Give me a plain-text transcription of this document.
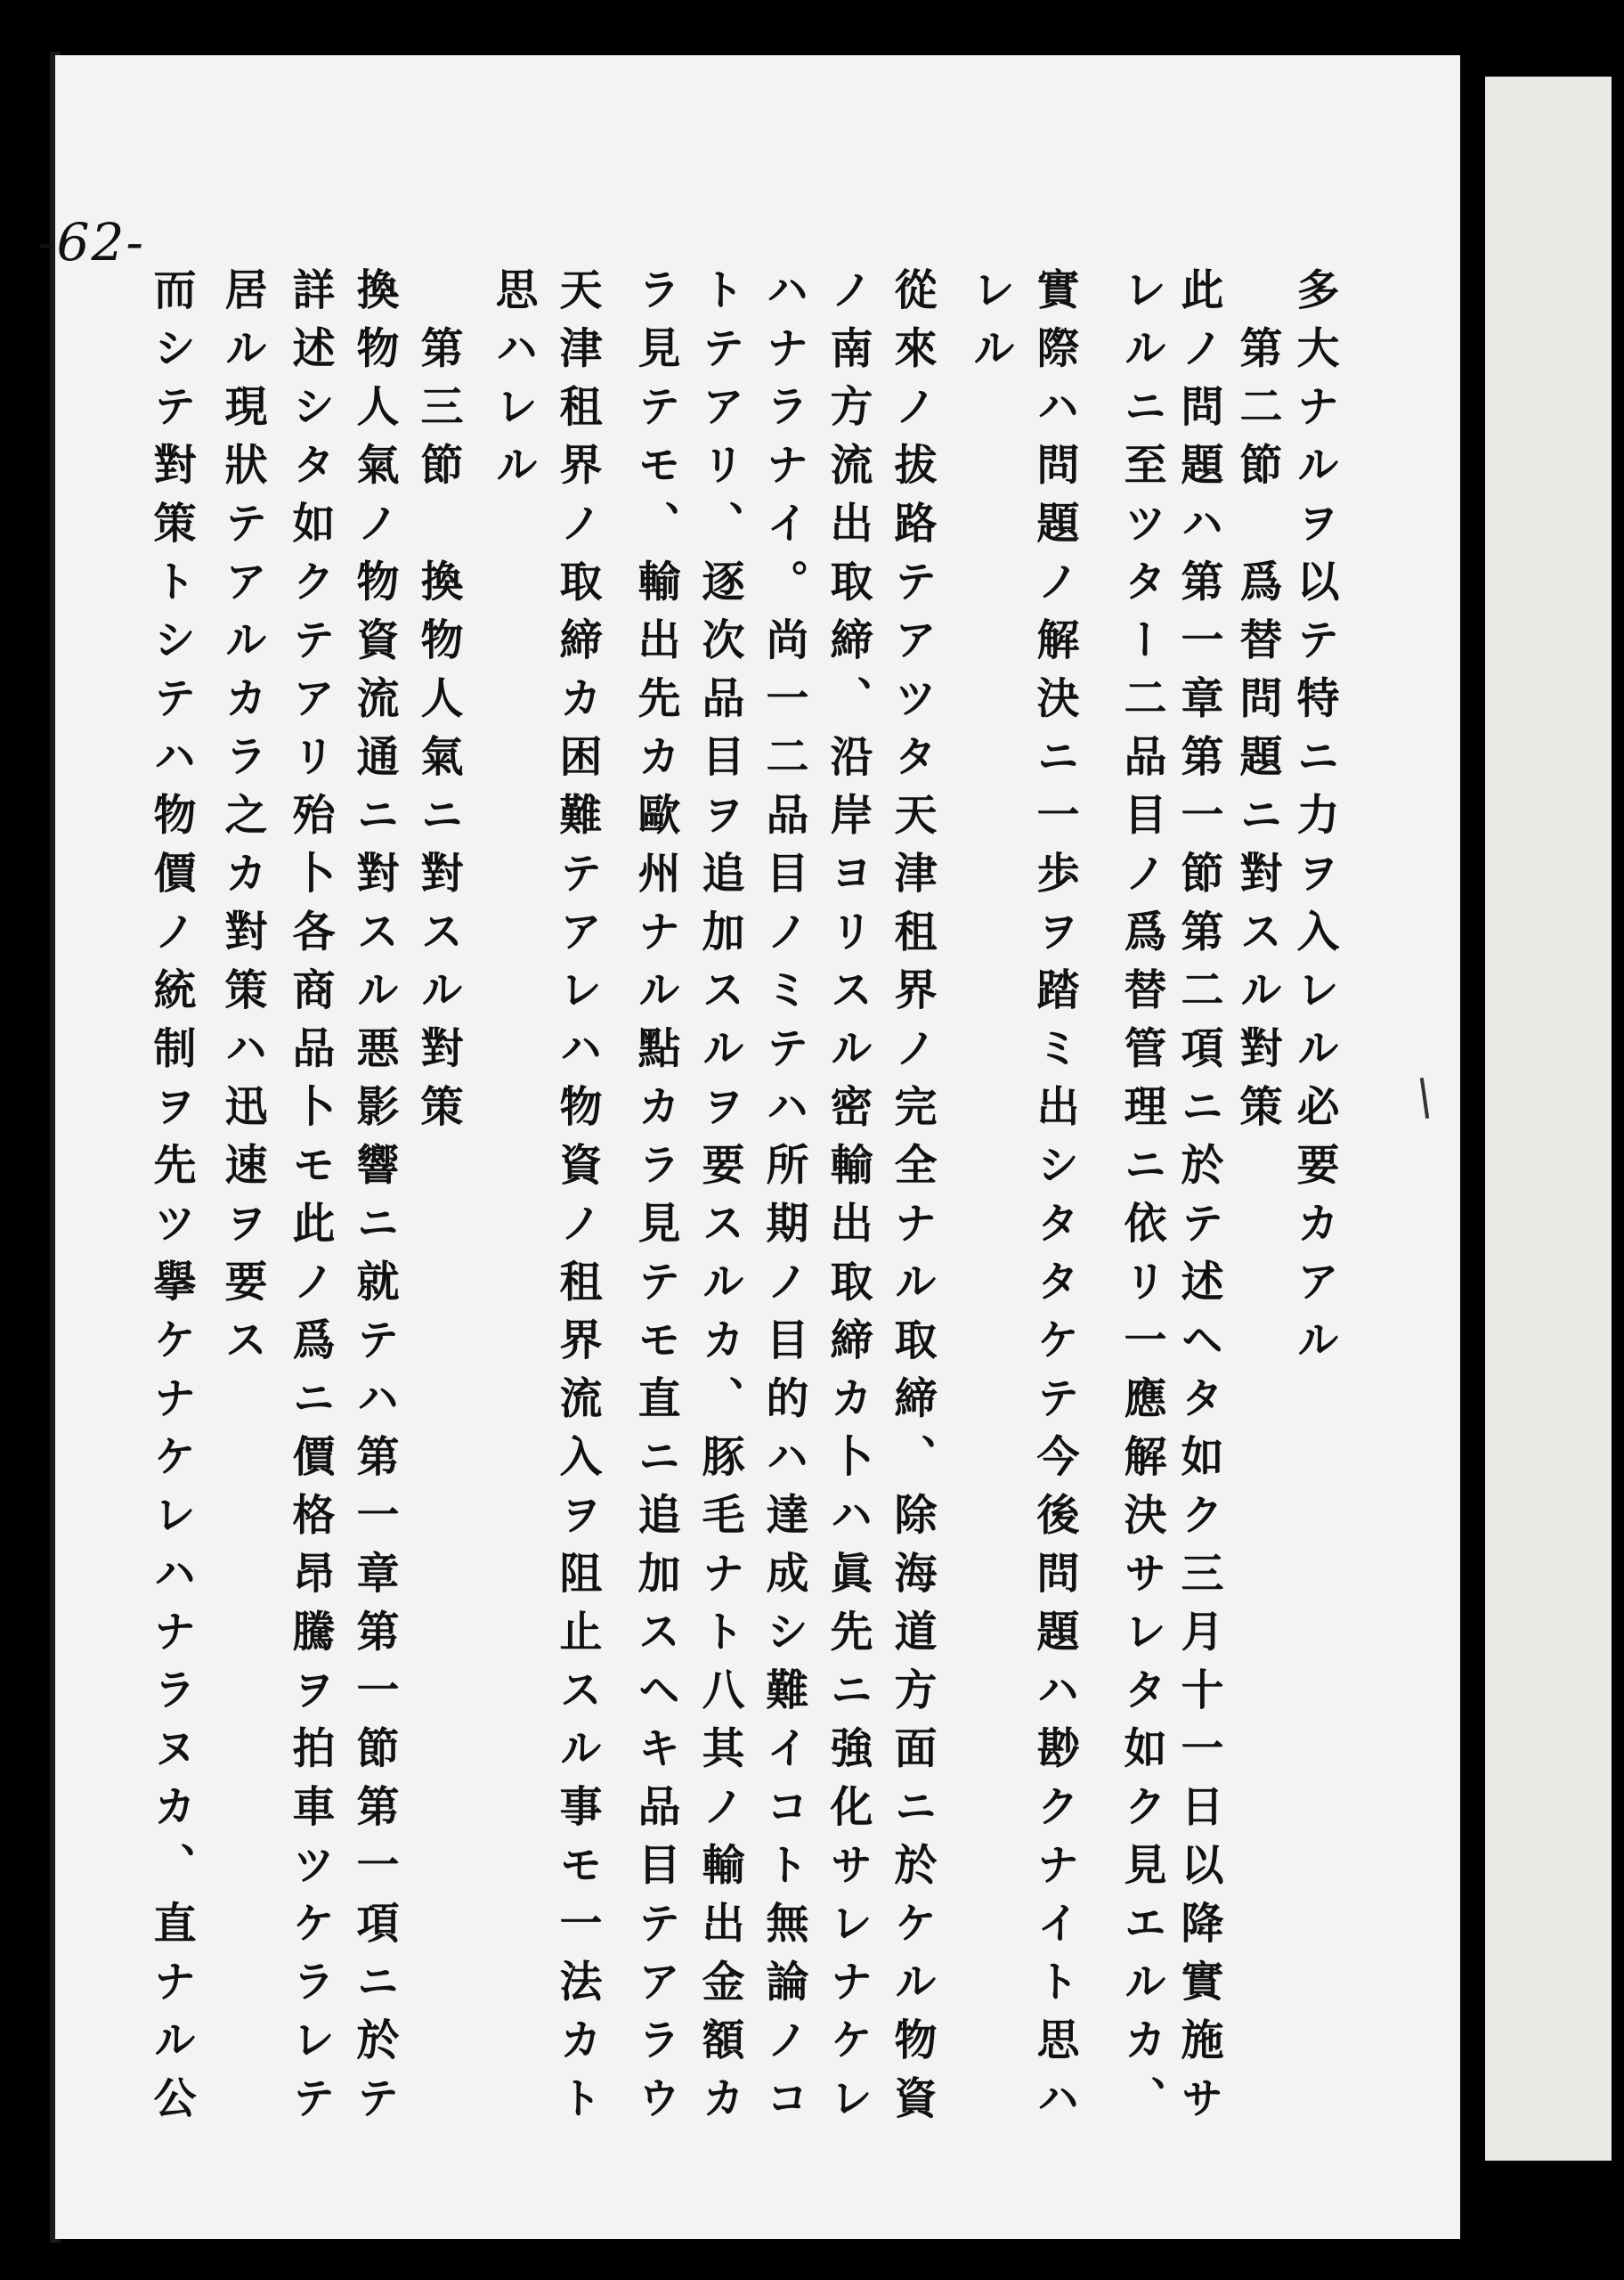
-62-
多大ナルヲ以テ特ニ力ヲ入レル必要カアル
　第二節　爲替問題ニ對スル對策
此ノ問題ハ第一章第一節第二項ニ於テ述ヘタ如ク三月十一日以降實施サ
レルニ至ツター二品目ノ爲替管理ニ依リ一應解決サレタ如ク見エルカ、
實際ハ問題ノ解決ニ一歩ヲ踏ミ出シタタケテ今後問題ハ尠クナイト思ハ
レル
從來ノ拔路テアツタ天津租界ノ完全ナル取締、除海道方面ニ於ケル物資
ノ南方流出取締、沿岸ヨリスル密輸出取締カ卜ハ眞先ニ強化サレナケレ
ハナラナイ。尚一二品目ノミテハ所期ノ目的ハ達成シ難イコト無論ノコ
トテアリ、逐次品目ヲ追加スルヲ要スルカ、豚毛ナト八其ノ輸出金額カ
ラ見テモ、輸出先カ歐州ナル點カラ見テモ直ニ追加スヘキ品目テアラウ
天津租界ノ取締カ困難テアレハ物資ノ租界流入ヲ阻止スル事モ一法カト
思ハレル
　第三節　換物人氣ニ對スル對策
換物人氣ノ物資流通ニ對スル悪影響ニ就テハ第一章第一節第一項ニ於テ
詳述シタ如クテアリ殆卜各商品卜モ此ノ爲ニ價格昂騰ヲ拍車ツケラレテ
居ル現狀テアルカラ之カ對策ハ迅速ヲ要ス
而シテ對策トシテハ物價ノ統制ヲ先ツ擧ケナケレハナラヌカ、直ナル公
